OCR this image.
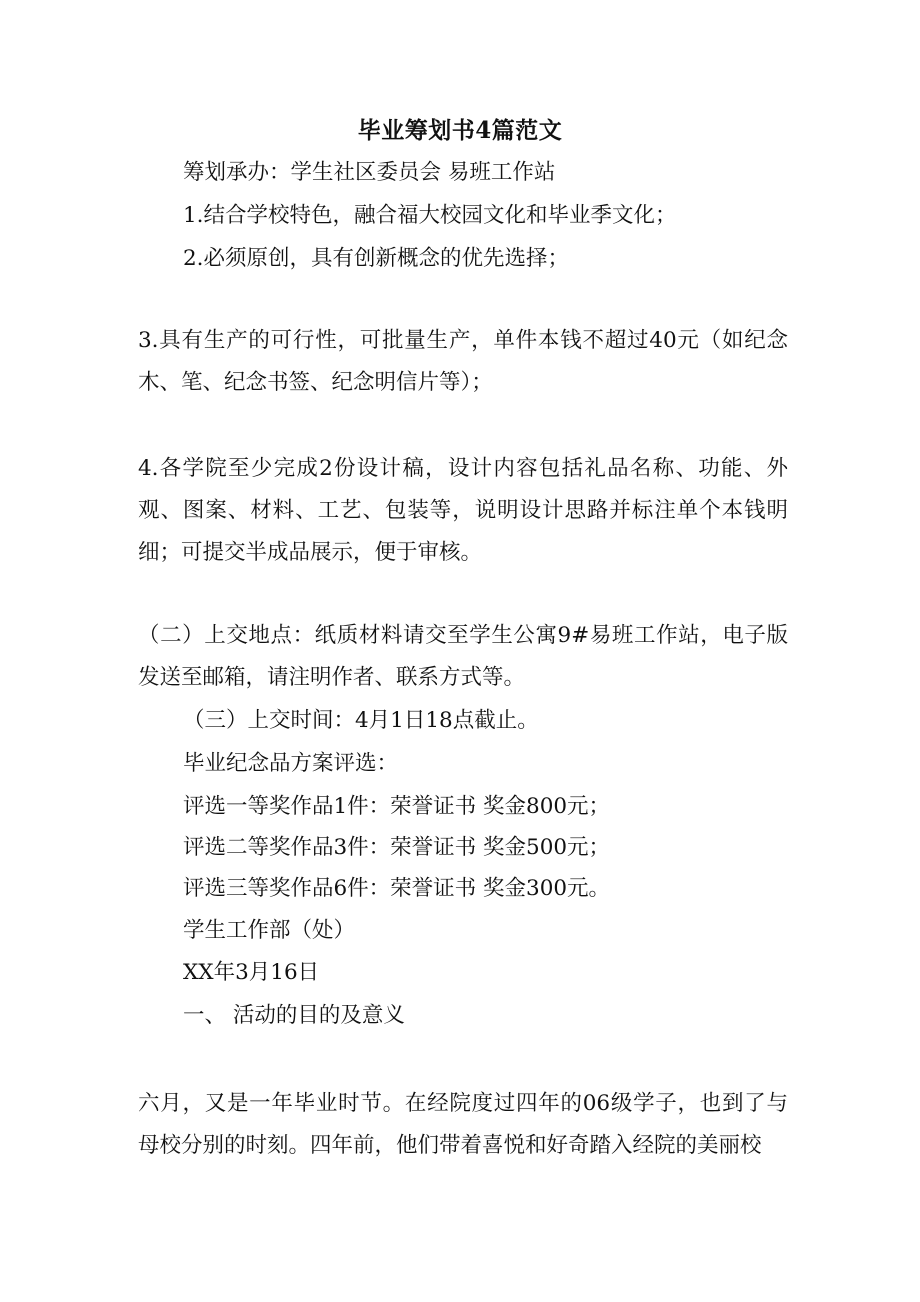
毕业筹划书4篇范文
筹划承办：学生社区委员会 易班工作站
1.结合学校特色，融合福大校园文化和毕业季文化；
2.必须原创，具有创新概念的优先选择；
3.具有生产的可行性，可批量生产，单件本钱不超过40元（如纪念木、笔、纪念书签、纪念明信片等）；
4.各学院至少完成2份设计稿，设计内容包括礼品名称、功能、外观、图案、材料、工艺、包装等，说明设计思路并标注单个本钱明细；可提交半成品展示，便于审核。
（二）上交地点：纸质材料请交至学生公寓9#易班工作站，电子版发送至邮箱，请注明作者、联系方式等。
（三）上交时间：4月1日18点截止。
毕业纪念品方案评选：
评选一等奖作品1件：荣誉证书 奖金800元；
评选二等奖作品3件：荣誉证书 奖金500元；
评选三等奖作品6件：荣誉证书 奖金300元。
学生工作部（处）
XX年3月16日
一、 活动的目的及意义
六月，又是一年毕业时节。在经院度过四年的06级学子，也到了与母校分别的时刻。四年前，他们带着喜悦和好奇踏入经院的美丽校
